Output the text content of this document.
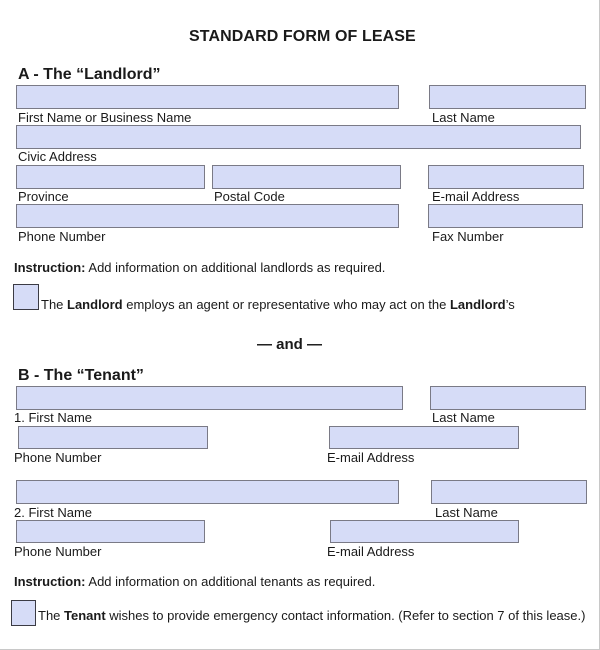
STANDARD FORM OF LEASE
A - The “Landlord”
First Name or Business Name	Last Name
Civic Address
Province	Postal Code	E-mail Address
Phone Number	Fax Number
Instruction: Add information on additional landlords as required.
The Landlord employs an agent or representative who may act on the Landlord’s
— and —
B - The “Tenant”
1. First Name	Last Name
Phone Number	E-mail Address
2. First Name	Last Name
Phone Number	E-mail Address
Instruction: Add information on additional tenants as required.
The Tenant wishes to provide emergency contact information. (Refer to section 7 of this lease.)
